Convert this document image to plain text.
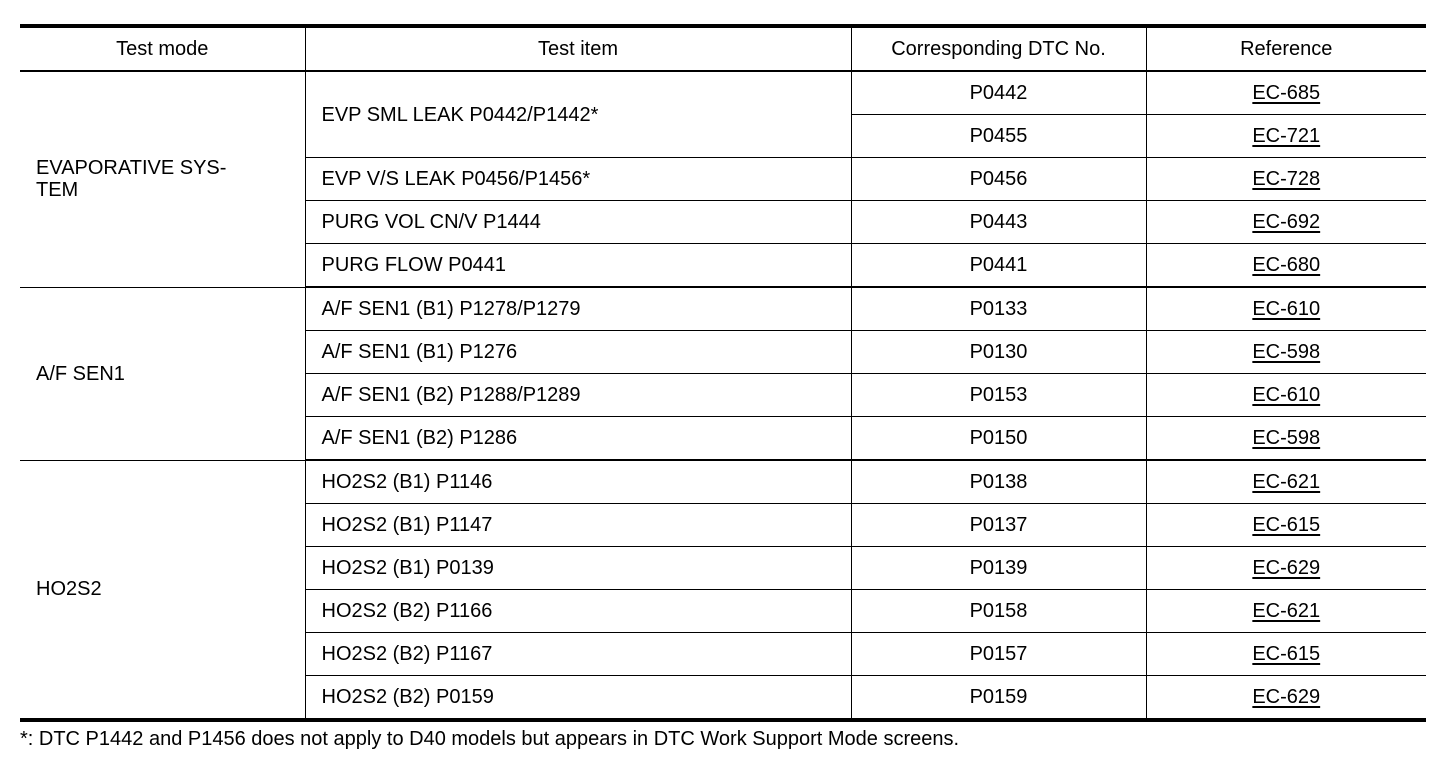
Test mode	Test item	Corresponding DTC No.	Reference

EVAPORATIVE SYS-
TEM	EVP SML LEAK P0442/P1442*	P0442	EC-685
		P0455	EC-721
	EVP V/S LEAK P0456/P1456*	P0456	EC-728
	PURG VOL CN/V P1444	P0443	EC-692
	PURG FLOW P0441	P0441	EC-680

A/F SEN1	A/F SEN1 (B1) P1278/P1279	P0133	EC-610
	A/F SEN1 (B1) P1276	P0130	EC-598
	A/F SEN1 (B2) P1288/P1289	P0153	EC-610
	A/F SEN1 (B2) P1286	P0150	EC-598

HO2S2	HO2S2 (B1) P1146	P0138	EC-621
	HO2S2 (B1) P1147	P0137	EC-615
	HO2S2 (B1) P0139	P0139	EC-629
	HO2S2 (B2) P1166	P0158	EC-621
	HO2S2 (B2) P1167	P0157	EC-615
	HO2S2 (B2) P0159	P0159	EC-629
*: DTC P1442 and P1456 does not apply to D40 models but appears in DTC Work Support Mode screens.
